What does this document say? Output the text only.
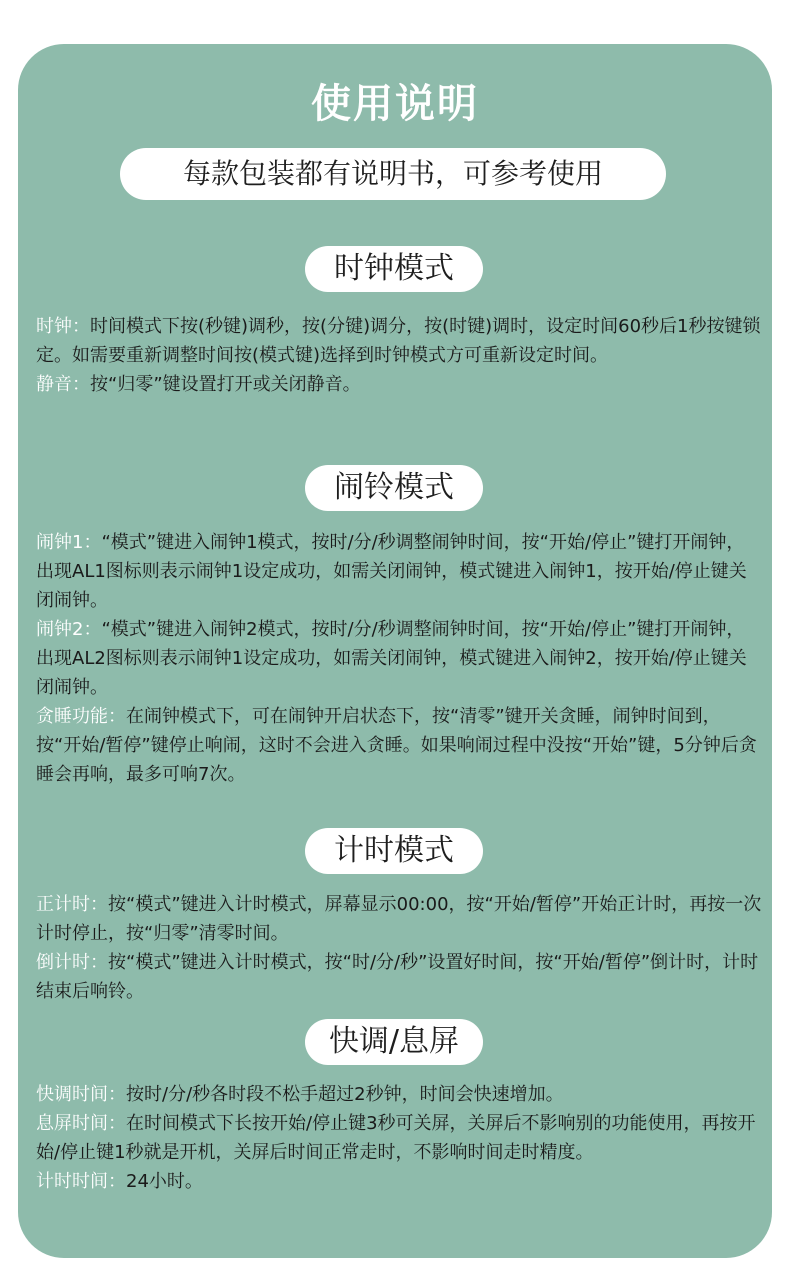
使用说明
每款包装都有说明书，可参考使用
时钟模式

时钟：时间模式下按(秒键)调秒，按(分键)调分，按(时键)调时，设定时间60秒后1秒按键锁定。如需要重新调整时间按(模式键)选择到时钟模式方可重新设定时间。

静音：按“归零”键设置打开或关闭静音。

闹铃模式

闹钟1：“模式”键进入闹钟1模式，按时/分/秒调整闹钟时间，按“开始/停止”键打开闹钟，出现AL1图标则表示闹钟1设定成功，如需关闭闹钟，模式键进入闹钟1，按开始/停止键关闭闹钟。

闹钟2：“模式”键进入闹钟2模式，按时/分/秒调整闹钟时间，按“开始/停止”键打开闹钟，出现AL2图标则表示闹钟1设定成功，如需关闭闹钟，模式键进入闹钟2，按开始/停止键关闭闹钟。

贪睡功能：在闹钟模式下，可在闹钟开启状态下，按“清零”键开关贪睡，闹钟时间到，按“开始/暂停”键停止响闹，这时不会进入贪睡。如果响闹过程中没按“开始”键，5分钟后贪睡会再响，最多可响7次。

计时模式

正计时：按“模式”键进入计时模式，屏幕显示00:00，按“开始/暂停”开始正计时，再按一次计时停止，按“归零”清零时间。

倒计时：按“模式”键进入计时模式，按“时/分/秒”设置好时间，按“开始/暂停”倒计时，计时结束后响铃。

快调/息屏

快调时间：按时/分/秒各时段不松手超过2秒钟，时间会快速增加。

息屏时间：在时间模式下长按开始/停止键3秒可关屏，关屏后不影响别的功能使用，再按开始/停止键1秒就是开机，关屏后时间正常走时，不影响时间走时精度。

计时时间：24小时。
